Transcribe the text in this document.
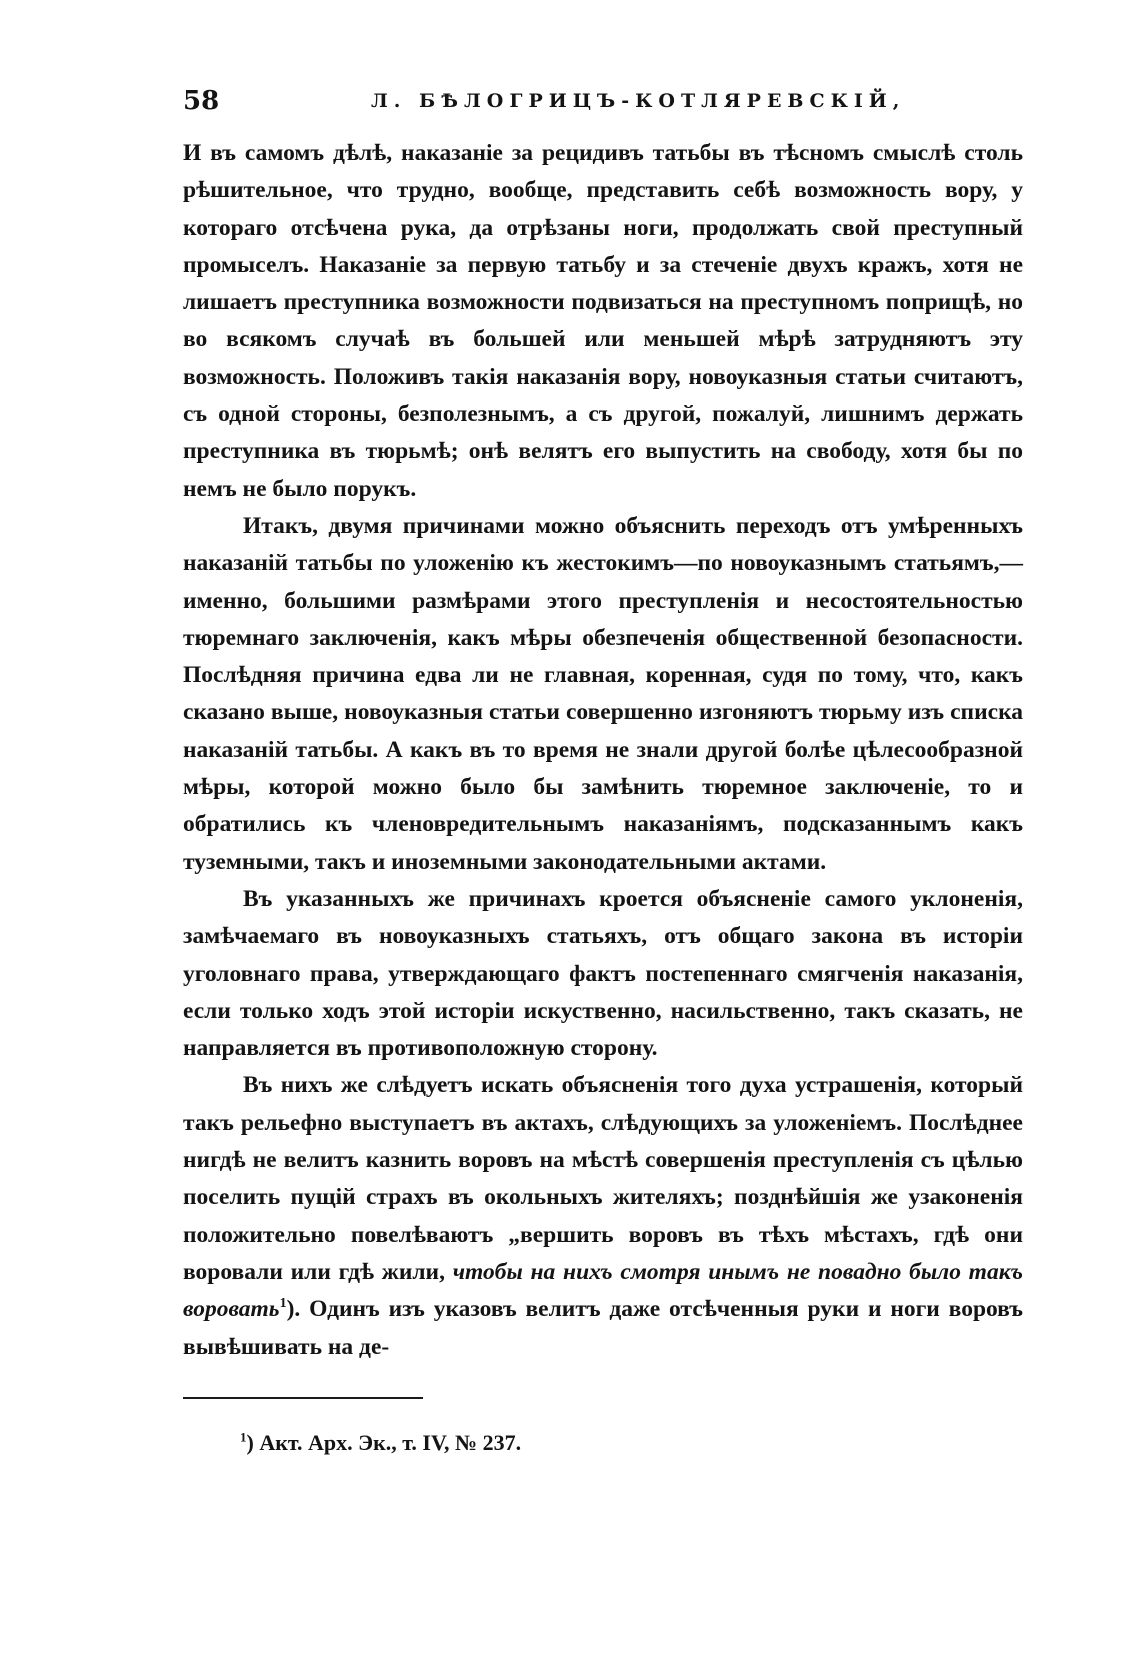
58	Л. БѢЛОГРИЦЪ-КОТЛЯРЕВСКІЙ,

И въ самомъ дѣлѣ, наказаніе за рецидивъ татьбы въ тѣсномъ смыслѣ столь рѣшительное, что трудно, вообще, представить себѣ возможность вору, у котораго отсѣчена рука, да отрѣзаны ноги, продолжать свой преступный промыселъ. Наказаніе за первую татьбу и за стеченіе двухъ кражъ, хотя не лишаетъ преступника возможности подвизаться на преступномъ поприщѣ, но во всякомъ случаѣ въ большей или меньшей мѣрѣ затрудняютъ эту возможность. Положивъ такія наказанія вору, новоуказныя статьи считаютъ, съ одной стороны, безполезнымъ, а съ другой, пожалуй, лишнимъ держать преступника въ тюрьмѣ; онѣ велятъ его выпустить на свободу, хотя бы по немъ не было порукъ.

Итакъ, двумя причинами можно объяснить переходъ отъ умѣренныхъ наказаній татьбы по уложенію къ жестокимъ—по новоуказнымъ статьямъ,—именно, большими размѣрами этого преступленія и несостоятельностью тюремнаго заключенія, какъ мѣры обезпеченія общественной безопасности. Послѣдняя причина едва ли не главная, коренная, судя по тому, что, какъ сказано выше, новоуказныя статьи совершенно изгоняютъ тюрьму изъ списка наказаній татьбы. А какъ въ то время не знали другой болѣе цѣлесообразной мѣры, которой можно было бы замѣнить тюремное заключеніе, то и обратились къ членовредительнымъ наказаніямъ, подсказаннымъ какъ туземными, такъ и иноземными законодательными актами.

Въ указанныхъ же причинахъ кроется объясненіе самого уклоненія, замѣчаемаго въ новоуказныхъ статьяхъ, отъ общаго закона въ исторіи уголовнаго права, утверждающаго фактъ постепеннаго смягченія наказанія, если только ходъ этой исторіи искуственно, насильственно, такъ сказать, не направляется въ противоположную сторону.

Въ нихъ же слѣдуетъ искать объясненія того духа устрашенія, который такъ рельефно выступаетъ въ актахъ, слѣдующихъ за уложеніемъ. Послѣднее нигдѣ не велитъ казнить воровъ на мѣстѣ совершенія преступленія съ цѣлью поселить пущій страхъ въ окольныхъ жителяхъ; позднѣйшія же узаконенія положительно повелѣваютъ „вершить воровъ въ тѣхъ мѣстахъ, гдѣ они воровали или гдѣ жили, чтобы на нихъ смотря инымъ не повадно было такъ воровать$^1$). Одинъ изъ указовъ велитъ даже отсѣченныя руки и ноги воровъ вывѣшивать на де-

$^1$) Акт. Арх. Эк., т. IV, № 237.
